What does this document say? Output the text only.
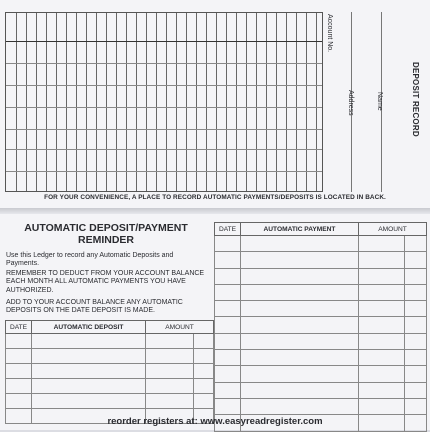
Account No.
Address	Name	DEPOSIT RECORD
FOR YOUR CONVENIENCE, A PLACE TO RECORD AUTOMATIC PAYMENTS/DEPOSITS IS LOCATED IN BACK.
AUTOMATIC DEPOSIT/PAYMENT
REMINDER
Use this Ledger to record any Automatic Deposits and Payments.
REMEMBER TO DEDUCT FROM YOUR ACCOUNT BALANCE EACH MONTH ALL AUTOMATIC PAYMENTS YOU HAVE AUTHORIZED.
ADD TO YOUR ACCOUNT BALANCE ANY AUTOMATIC DEPOSITS ON THE DATE DEPOSIT IS MADE.
DATE	AUTOMATIC DEPOSIT	AMOUNT	

DATE	AUTOMATIC PAYMENT	AMOUNT	

reorder registers at: www.easyreadregister.com
